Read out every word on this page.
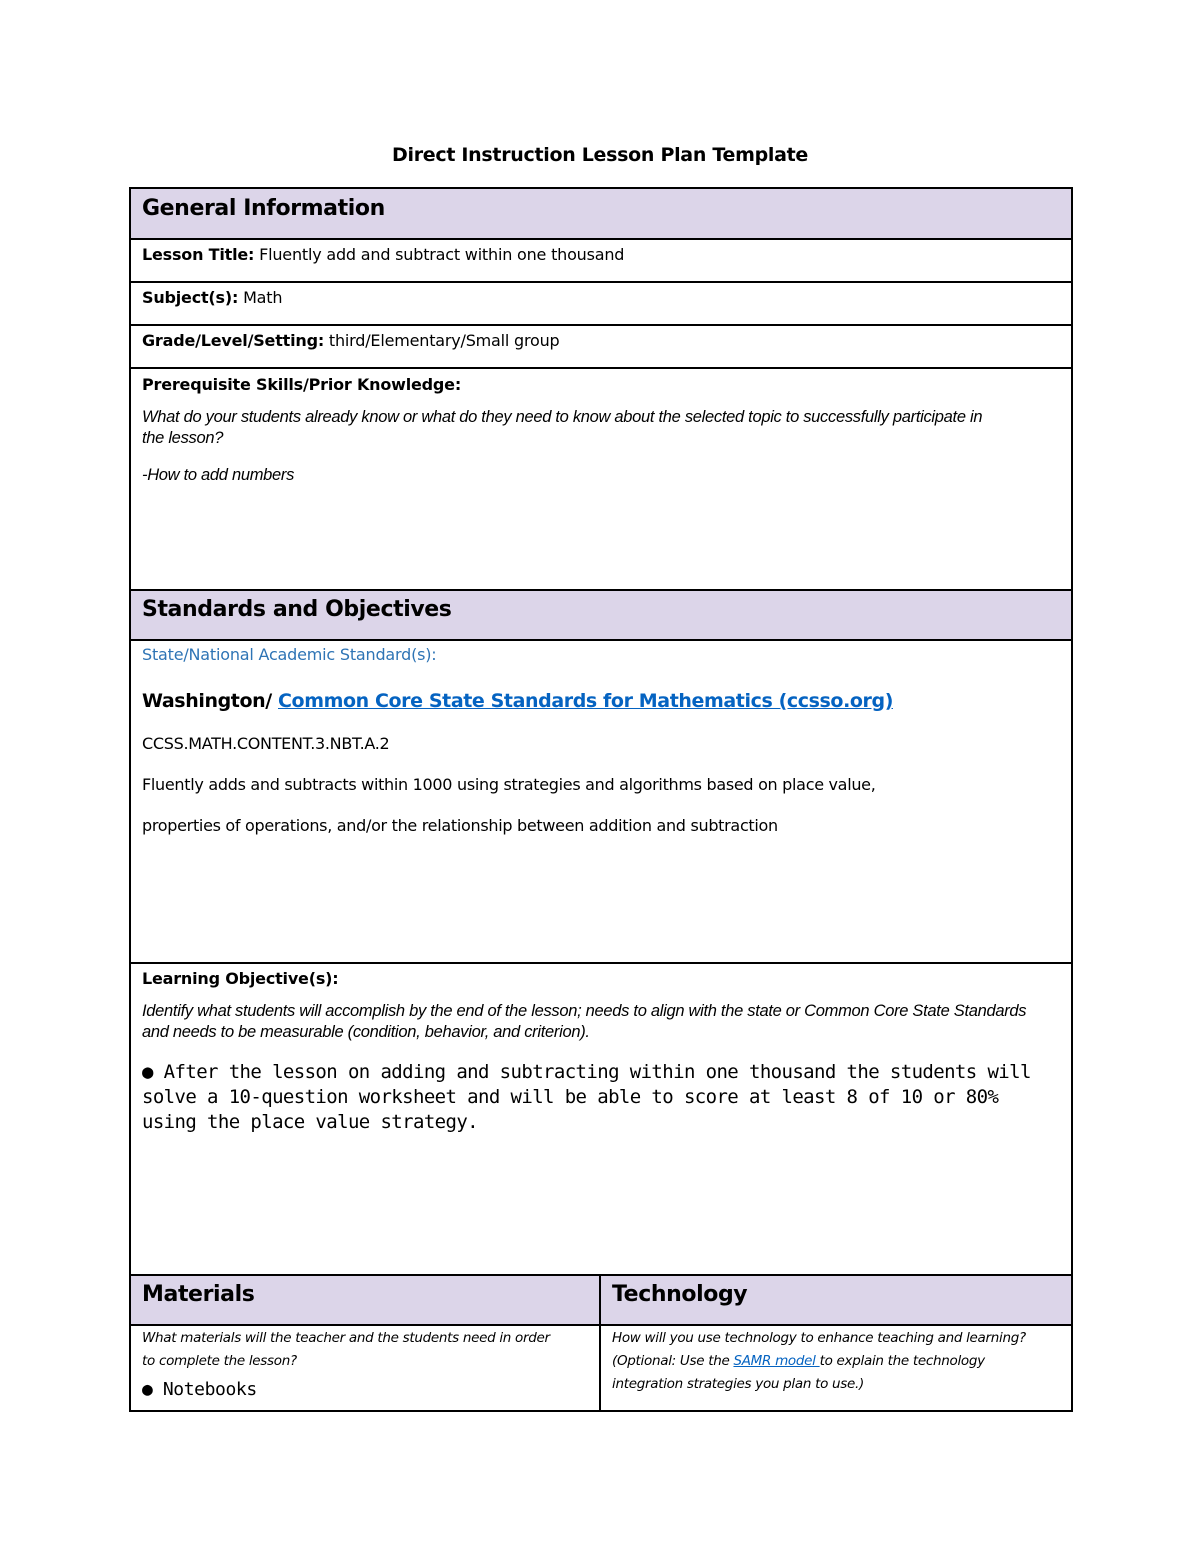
Direct Instruction Lesson Plan Template
General Information	

Lesson Title: Fluently add and subtract within one thousand	

Subject(s): Math	

Grade/Level/Setting: third/Elementary/Small group	

Prerequisite Skills/Prior Knowledge:
What do your students already know or what do they need to know about the selected topic to successfully participate in the lesson?
-How to add numbers	

Standards and Objectives	

State/National Academic Standard(s):
Washington/ Common Core State Standards for Mathematics (ccsso.org)
CCSS.MATH.CONTENT.3.NBT.A.2
Fluently adds and subtracts within 1000 using strategies and algorithms based on place value,
properties of operations, and/or the relationship between addition and subtraction	

Learning Objective(s):
Identify what students will accomplish by the end of the lesson; needs to align with the state or Common Core State Standards and needs to be measurable (condition, behavior, and criterion).
● After the lesson on adding and subtracting within one thousand the students will solve a 10-question worksheet and will be able to score at least 8 of 10 or 80% using the place value strategy.	

Materials	Technology

What materials will the teacher and the students need in order to complete the lesson?
● Notebooks	How will you use technology to enhance teaching and learning? (Optional: Use the SAMR model to explain the technology integration strategies you plan to use.)
